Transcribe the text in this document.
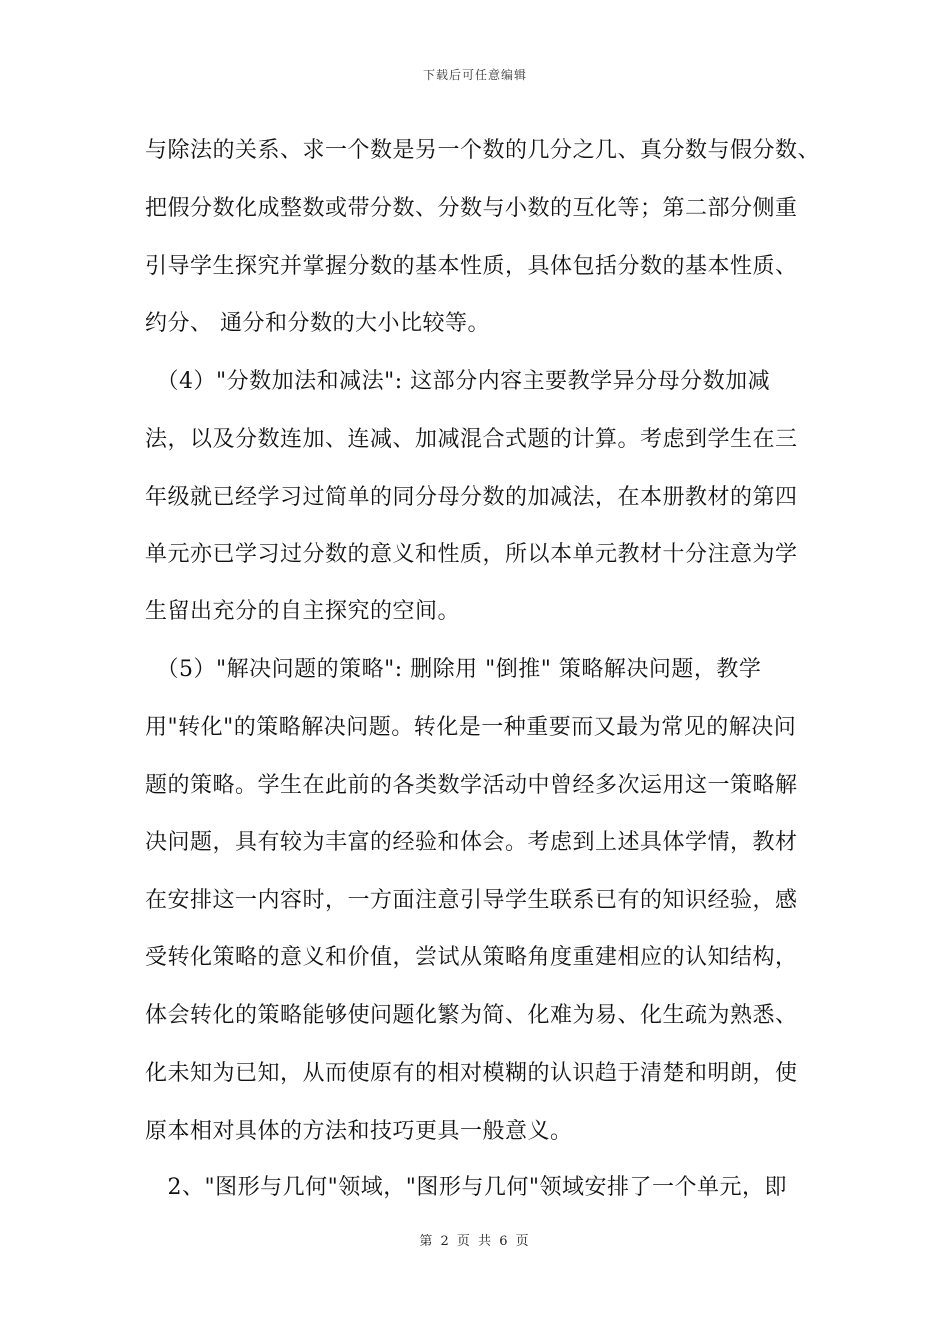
下载后可任意编辑
与除法的关系、求一个数是另一个数的几分之几、真分数与假分数、
把假分数化成整数或带分数、分数与小数的互化等；第二部分侧重
引导学生探究并掌握分数的基本性质，具体包括分数的基本性质、
约分、 通分和分数的大小比较等。
　（4）"分数加法和减法": 这部分内容主要教学异分母分数加减
法，以及分数连加、连减、加减混合式题的计算。考虑到学生在三
年级就已经学习过简单的同分母分数的加减法，在本册教材的第四
单元亦已学习过分数的意义和性质，所以本单元教材十分注意为学
生留出充分的自主探究的空间。
　（5）"解决问题的策略": 删除用 "倒推" 策略解决问题，教学
用"转化"的策略解决问题。转化是一种重要而又最为常见的解决问
题的策略。学生在此前的各类数学活动中曾经多次运用这一策略解
决问题，具有较为丰富的经验和体会。考虑到上述具体学情，教材
在安排这一内容时，一方面注意引导学生联系已有的知识经验，感
受转化策略的意义和价值，尝试从策略角度重建相应的认知结构，
体会转化的策略能够使问题化繁为简、化难为易、化生疏为熟悉、
化未知为已知，从而使原有的相对模糊的认识趋于清楚和明朗，使
原本相对具体的方法和技巧更具一般意义。
　2、"图形与几何"领域，"图形与几何"领域安排了一个单元，即
第 2 页 共 6 页
